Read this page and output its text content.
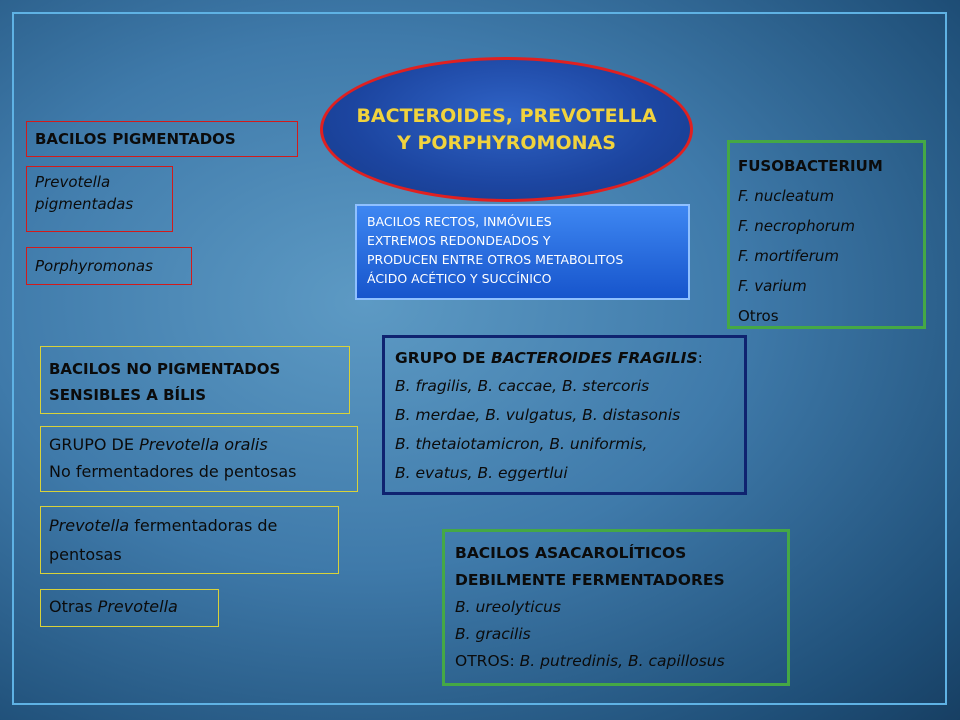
BACTEROIDES, PREVOTELLA
Y PORPHYROMONAS
BACILOS RECTOS, INMÓVILES
EXTREMOS REDONDEADOS Y
PRODUCEN ENTRE OTROS METABOLITOS
ÁCIDO ACÉTICO Y SUCCÍNICO
BACILOS PIGMENTADOS
Prevotella
pigmentadas
Porphyromonas
FUSOBACTERIUM
F. nucleatum
F. necrophorum
F. mortiferum
F. varium
Otros
BACILOS NO PIGMENTADOS
SENSIBLES A BÍLIS
GRUPO DE Prevotella oralis
No fermentadores de pentosas
Prevotella fermentadoras de
pentosas
Otras Prevotella
GRUPO DE BACTEROIDES FRAGILIS:
B. fragilis, B. caccae, B. stercoris
B. merdae, B. vulgatus, B. distasonis
B. thetaiotamicron, B. uniformis,
B. evatus, B. eggertlui
BACILOS ASACAROLÍTICOS
DEBILMENTE FERMENTADORES
B. ureolyticus
B. gracilis
OTROS: B. putredinis, B. capillosus
